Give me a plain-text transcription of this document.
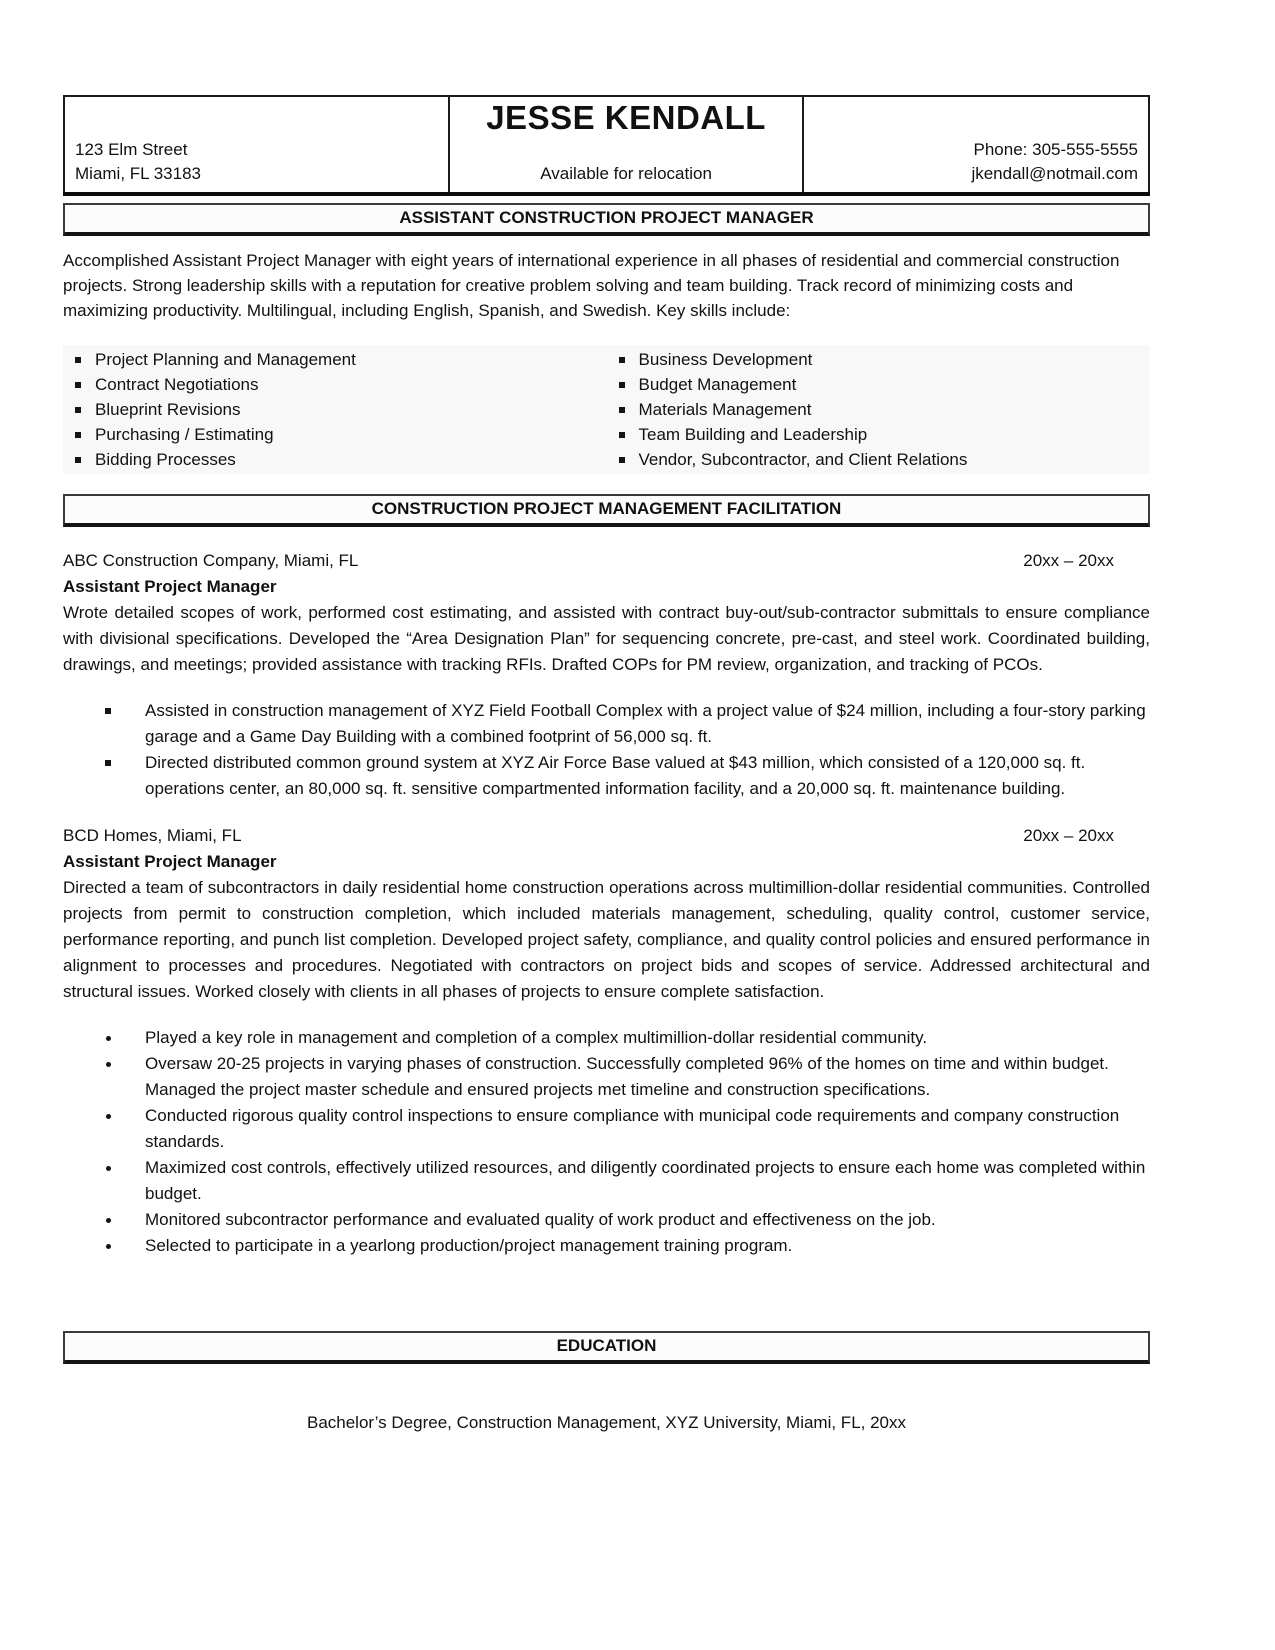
123 Elm Street
Miami, FL 33183
JESSE KENDALL
Available for relocation
Phone: 305-555-5555
jkendall@notmail.com
ASSISTANT CONSTRUCTION PROJECT MANAGER

Accomplished Assistant Project Manager with eight years of international experience in all phases of residential and commercial construction projects. Strong leadership skills with a reputation for creative problem solving and team building. Track record of minimizing costs and maximizing productivity. Multilingual, including English, Spanish, and Swedish. Key skills include:

Project Planning and Management
Contract Negotiations
Blueprint Revisions
Purchasing / Estimating
Bidding Processes
Business Development
Budget Management
Materials Management
Team Building and Leadership
Vendor, Subcontractor, and Client Relations
CONSTRUCTION PROJECT MANAGEMENT FACILITATION
ABC Construction Company, Miami, FL	20xx – 20xx
Assistant Project Manager

Wrote detailed scopes of work, performed cost estimating, and assisted with contract buy-out/sub-contractor submittals to ensure compliance with divisional specifications. Developed the “Area Designation Plan” for sequencing concrete, pre-cast, and steel work. Coordinated building, drawings, and meetings; provided assistance with tracking RFIs. Drafted COPs for PM review, organization, and tracking of PCOs.

Assisted in construction management of XYZ Field Football Complex with a project value of $24 million, including a four-story parking garage and a Game Day Building with a combined footprint of 56,000 sq. ft.
Directed distributed common ground system at XYZ Air Force Base valued at $43 million, which consisted of a 120,000 sq. ft. operations center, an 80,000 sq. ft. sensitive compartmented information facility, and a 20,000 sq. ft. maintenance building.
BCD Homes, Miami, FL	20xx – 20xx
Assistant Project Manager

Directed a team of subcontractors in daily residential home construction operations across multimillion-dollar residential communities. Controlled projects from permit to construction completion, which included materials management, scheduling, quality control, customer service, performance reporting, and punch list completion. Developed project safety, compliance, and quality control policies and ensured performance in alignment to processes and procedures. Negotiated with contractors on project bids and scopes of service. Addressed architectural and structural issues. Worked closely with clients in all phases of projects to ensure complete satisfaction.

Played a key role in management and completion of a complex multimillion-dollar residential community.
Oversaw 20-25 projects in varying phases of construction. Successfully completed 96% of the homes on time and within budget. Managed the project master schedule and ensured projects met timeline and construction specifications.
Conducted rigorous quality control inspections to ensure compliance with municipal code requirements and company construction standards.
Maximized cost controls, effectively utilized resources, and diligently coordinated projects to ensure each home was completed within budget.
Monitored subcontractor performance and evaluated quality of work product and effectiveness on the job.
Selected to participate in a yearlong production/project management training program.
EDUCATION

Bachelor’s Degree, Construction Management, XYZ University, Miami, FL, 20xx
